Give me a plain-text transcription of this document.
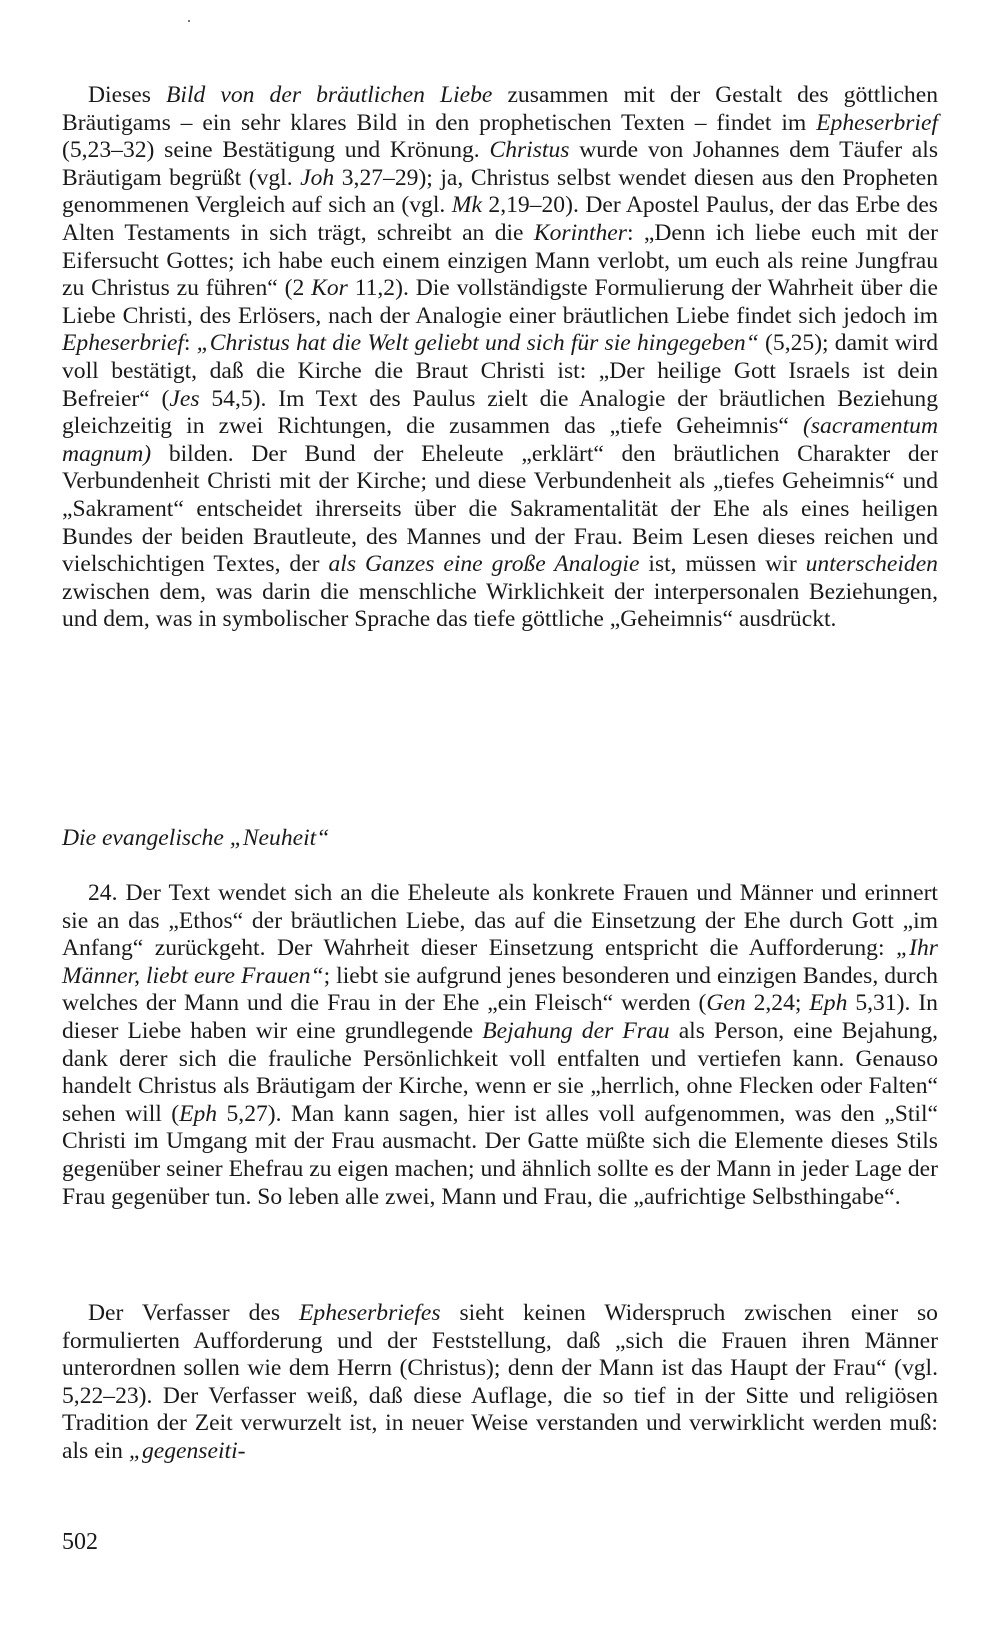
Dieses Bild von der bräutlichen Liebe zusammen mit der Gestalt des göttlichen Bräutigams – ein sehr klares Bild in den prophetischen Texten – findet im Epheserbrief (5,23–32) seine Bestätigung und Krönung. Christus wurde von Johannes dem Täufer als Bräutigam begrüßt (vgl. Joh 3,27–29); ja, Christus selbst wendet diesen aus den Propheten genommenen Vergleich auf sich an (vgl. Mk 2,19–20). Der Apostel Paulus, der das Erbe des Alten Testaments in sich trägt, schreibt an die Korinther: „Denn ich liebe euch mit der Eifersucht Gottes; ich habe euch einem einzigen Mann verlobt, um euch als reine Jungfrau zu Christus zu führen“ (2 Kor 11,2). Die vollständigste Formulierung der Wahrheit über die Liebe Christi, des Erlösers, nach der Analogie einer bräutlichen Liebe findet sich jedoch im Epheserbrief: „Christus hat die Welt geliebt und sich für sie hingegeben“ (5,25); damit wird voll bestätigt, daß die Kirche die Braut Christi ist: „Der heilige Gott Israels ist dein Befreier“ (Jes 54,5). Im Text des Paulus zielt die Analogie der bräutlichen Beziehung gleichzeitig in zwei Richtungen, die zusammen das „tiefe Geheimnis“ (sacramentum magnum) bilden. Der Bund der Eheleute „erklärt“ den bräutlichen Charakter der Verbundenheit Christi mit der Kirche; und diese Verbundenheit als „tiefes Geheimnis“ und „Sakrament“ entscheidet ihrerseits über die Sakramentalität der Ehe als eines heiligen Bundes der beiden Brautleute, des Mannes und der Frau. Beim Lesen dieses reichen und vielschichtigen Textes, der als Ganzes eine große Analogie ist, müssen wir unterscheiden zwischen dem, was darin die menschliche Wirklichkeit der interpersonalen Beziehungen, und dem, was in symbolischer Sprache das tiefe göttliche „Geheimnis“ ausdrückt.

Die evangelische „Neuheit“

24. Der Text wendet sich an die Eheleute als konkrete Frauen und Männer und erinnert sie an das „Ethos“ der bräutlichen Liebe, das auf die Einsetzung der Ehe durch Gott „im Anfang“ zurückgeht. Der Wahrheit dieser Einsetzung entspricht die Aufforderung: „Ihr Männer, liebt eure Frauen“; liebt sie aufgrund jenes besonderen und einzigen Bandes, durch welches der Mann und die Frau in der Ehe „ein Fleisch“ werden (Gen 2,24; Eph 5,31). In dieser Liebe haben wir eine grundlegende Bejahung der Frau als Person, eine Bejahung, dank derer sich die frauliche Persönlichkeit voll entfalten und vertiefen kann. Genauso handelt Christus als Bräutigam der Kirche, wenn er sie „herrlich, ohne Flecken oder Falten“ sehen will (Eph 5,27). Man kann sagen, hier ist alles voll aufgenommen, was den „Stil“ Christi im Umgang mit der Frau ausmacht. Der Gatte müßte sich die Elemente dieses Stils gegenüber seiner Ehefrau zu eigen machen; und ähnlich sollte es der Mann in jeder Lage der Frau gegenüber tun. So leben alle zwei, Mann und Frau, die „aufrichtige Selbsthingabe“.

Der Verfasser des Epheserbriefes sieht keinen Widerspruch zwischen einer so formulierten Aufforderung und der Feststellung, daß „sich die Frauen ihren Männer unterordnen sollen wie dem Herrn (Christus); denn der Mann ist das Haupt der Frau“ (vgl. 5,22–23). Der Verfasser weiß, daß diese Auflage, die so tief in der Sitte und religiösen Tradition der Zeit verwurzelt ist, in neuer Weise verstanden und verwirklicht werden muß: als ein „gegenseiti-

502
